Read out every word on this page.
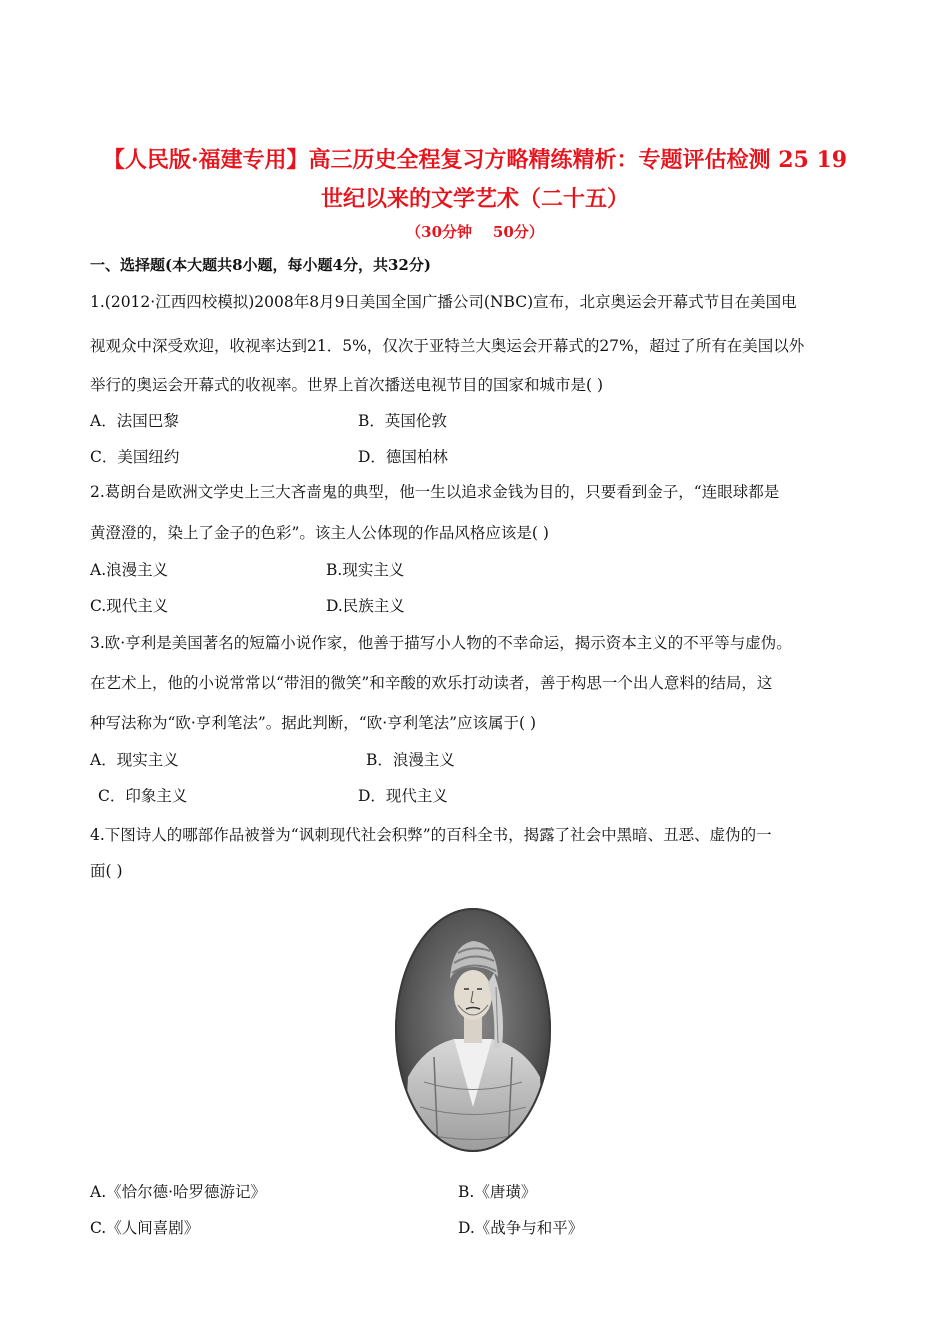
【人民版·福建专用】高三历史全程复习方略精练精析：专题评估检测 25 19
世纪以来的文学艺术（二十五）
（30分钟    50分）
一、选择题(本大题共8小题，每小题4分，共32分)
1.(2012·江西四校模拟)2008年8月9日美国全国广播公司(NBC)宣布，北京奥运会开幕式节目在美国电
视观众中深受欢迎，收视率达到21．5%，仅次于亚特兰大奥运会开幕式的27%，超过了所有在美国以外
举行的奥运会开幕式的收视率。世界上首次播送电视节目的国家和城市是( )
A．法国巴黎	B．英国伦敦
C．美国纽约	D．德国柏林
2.葛朗台是欧洲文学史上三大吝啬鬼的典型，他一生以追求金钱为目的，只要看到金子，“连眼球都是
黄澄澄的，染上了金子的色彩”。该主人公体现的作品风格应该是( )
A.浪漫主义	B.现实主义
C.现代主义	D.民族主义
3.欧·亨利是美国著名的短篇小说作家，他善于描写小人物的不幸命运，揭示资本主义的不平等与虚伪。
在艺术上，他的小说常常以“带泪的微笑”和辛酸的欢乐打动读者，善于构思一个出人意料的结局，这
种写法称为“欧·亨利笔法”。据此判断，“欧·亨利笔法”应该属于( )
A．现实主义	B．浪漫主义
C．印象主义	D．现代主义
4.下图诗人的哪部作品被誉为“讽刺现代社会积弊”的百科全书，揭露了社会中黑暗、丑恶、虚伪的一
面( )
A.《恰尔德·哈罗德游记》	B.《唐璜》
C.《人间喜剧》	D.《战争与和平》
